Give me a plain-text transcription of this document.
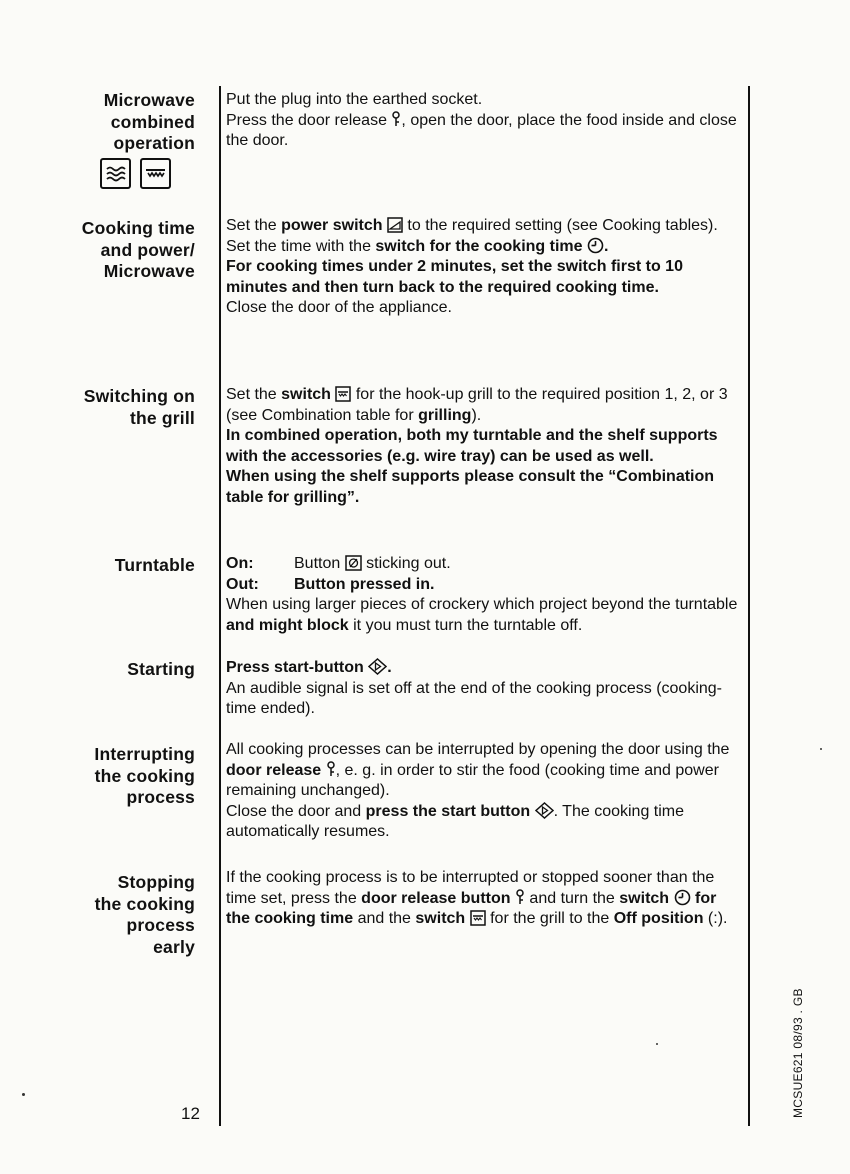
Microwave
combined
operation

Put the plug into the earthed socket.

Press the door release , open the door, place the food inside and close the door.

Cooking time
and power/
Microwave

Set the power switch  to the required setting (see Cooking tables).

Set the time with the switch for the cooking time .

For cooking times under 2 minutes, set the switch first to 10 minutes and then turn back to the required cooking time.

Close the door of the appliance.

Switching on
the grill

Set the switch  for the hook-up grill to the required position 1, 2, or 3 (see Combination table for grilling).

In combined operation, both my turntable and the shelf supports with the accessories (e.g. wire tray) can be used as well.

When using the shelf supports please consult the “Combination table for grilling”.

Turntable On:	Button  sticking out.
Out:	Button pressed in.

When using larger pieces of crockery which project beyond the turntable and might block it you must turn the turntable off.

Starting Press start-button .

An audible signal is set off at the end of the cooking process (cooking-time ended).

Interrupting
the cooking
process

All cooking processes can be interrupted by opening the door using the door release , e. g. in order to stir the food (cooking time and power remaining unchanged).

Close the door and press the start button . The cooking time automatically resumes.

Stopping
the cooking
process
early

If the cooking process is to be interrupted or stopped sooner than the time set, press the door release button  and turn the switch for the cooking time and the switch  for the grill to the Off position (:).

12	MCSUE621 08/93 . GB
